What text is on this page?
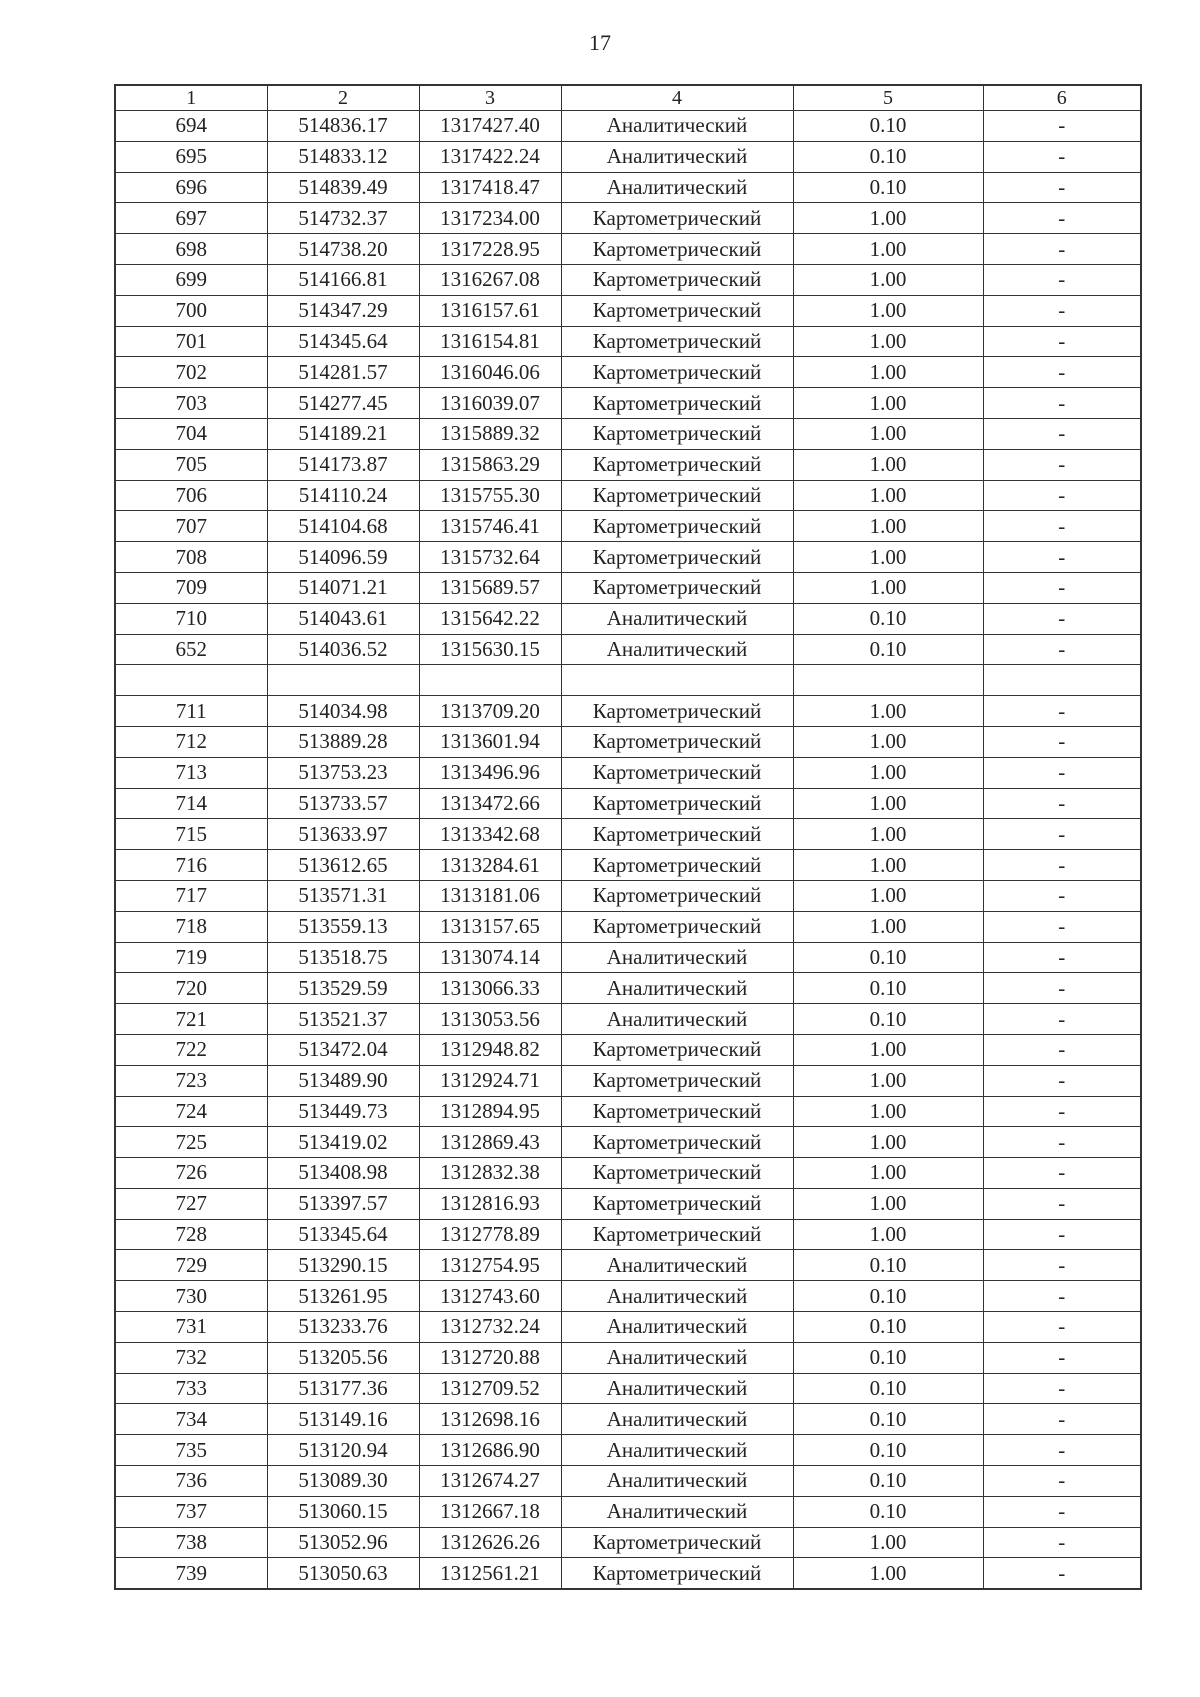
17
1	2	3	4	5	6
694	514836.17	1317427.40	Аналитический	0.10	-
695	514833.12	1317422.24	Аналитический	0.10	-
696	514839.49	1317418.47	Аналитический	0.10	-
697	514732.37	1317234.00	Картометрический	1.00	-
698	514738.20	1317228.95	Картометрический	1.00	-
699	514166.81	1316267.08	Картометрический	1.00	-
700	514347.29	1316157.61	Картометрический	1.00	-
701	514345.64	1316154.81	Картометрический	1.00	-
702	514281.57	1316046.06	Картометрический	1.00	-
703	514277.45	1316039.07	Картометрический	1.00	-
704	514189.21	1315889.32	Картометрический	1.00	-
705	514173.87	1315863.29	Картометрический	1.00	-
706	514110.24	1315755.30	Картометрический	1.00	-
707	514104.68	1315746.41	Картометрический	1.00	-
708	514096.59	1315732.64	Картометрический	1.00	-
709	514071.21	1315689.57	Картометрический	1.00	-
710	514043.61	1315642.22	Аналитический	0.10	-
652	514036.52	1315630.15	Аналитический	0.10	-

711	514034.98	1313709.20	Картометрический	1.00	-
712	513889.28	1313601.94	Картометрический	1.00	-
713	513753.23	1313496.96	Картометрический	1.00	-
714	513733.57	1313472.66	Картометрический	1.00	-
715	513633.97	1313342.68	Картометрический	1.00	-
716	513612.65	1313284.61	Картометрический	1.00	-
717	513571.31	1313181.06	Картометрический	1.00	-
718	513559.13	1313157.65	Картометрический	1.00	-
719	513518.75	1313074.14	Аналитический	0.10	-
720	513529.59	1313066.33	Аналитический	0.10	-
721	513521.37	1313053.56	Аналитический	0.10	-
722	513472.04	1312948.82	Картометрический	1.00	-
723	513489.90	1312924.71	Картометрический	1.00	-
724	513449.73	1312894.95	Картометрический	1.00	-
725	513419.02	1312869.43	Картометрический	1.00	-
726	513408.98	1312832.38	Картометрический	1.00	-
727	513397.57	1312816.93	Картометрический	1.00	-
728	513345.64	1312778.89	Картометрический	1.00	-
729	513290.15	1312754.95	Аналитический	0.10	-
730	513261.95	1312743.60	Аналитический	0.10	-
731	513233.76	1312732.24	Аналитический	0.10	-
732	513205.56	1312720.88	Аналитический	0.10	-
733	513177.36	1312709.52	Аналитический	0.10	-
734	513149.16	1312698.16	Аналитический	0.10	-
735	513120.94	1312686.90	Аналитический	0.10	-
736	513089.30	1312674.27	Аналитический	0.10	-
737	513060.15	1312667.18	Аналитический	0.10	-
738	513052.96	1312626.26	Картометрический	1.00	-
739	513050.63	1312561.21	Картометрический	1.00	-
